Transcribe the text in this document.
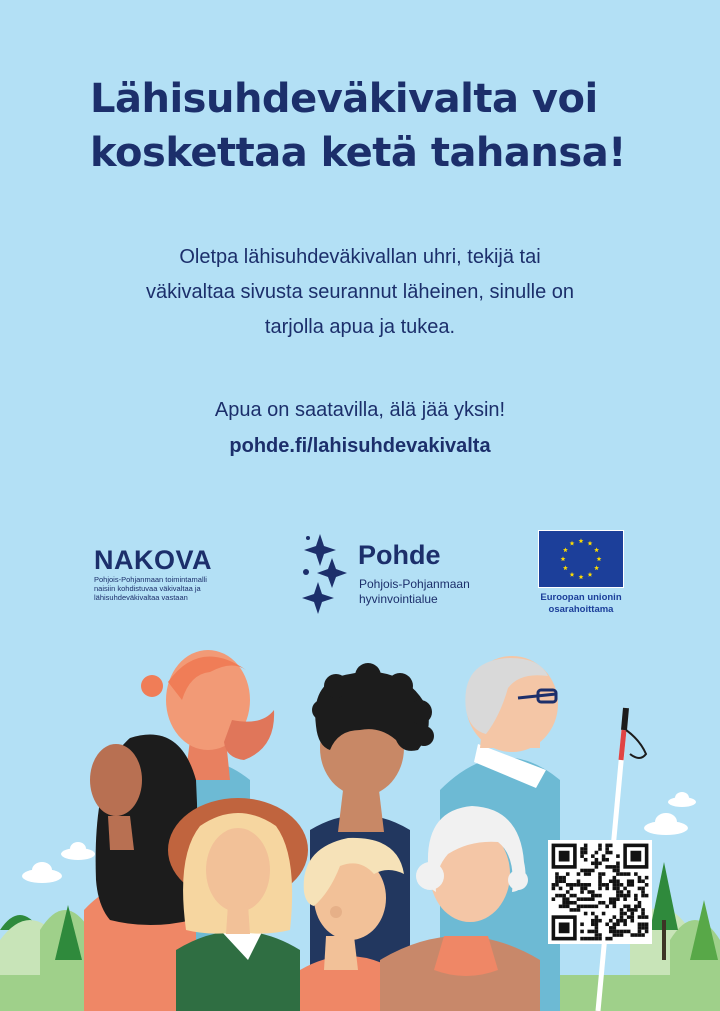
Lähisuhdeväkivalta voi
koskettaa ketä tahansa!

Oletpa lähisuhdeväkivallan uhri, tekijä tai
väkivaltaa sivusta seurannut läheinen, sinulle on
tarjolla apua ja tukea.

Apua on saatavilla, älä jää yksin!
pohde.fi/lahisuhdevakivalta
NAKOVA
Pohjois-Pohjanmaan toimintamalli
naisiin kohdistuvaa väkivaltaa ja
lähisuhdeväkivaltaa vastaan
Pohde
Pohjois-Pohjanmaan
hyvinvointialue	Euroopan unionin
osarahoittama
